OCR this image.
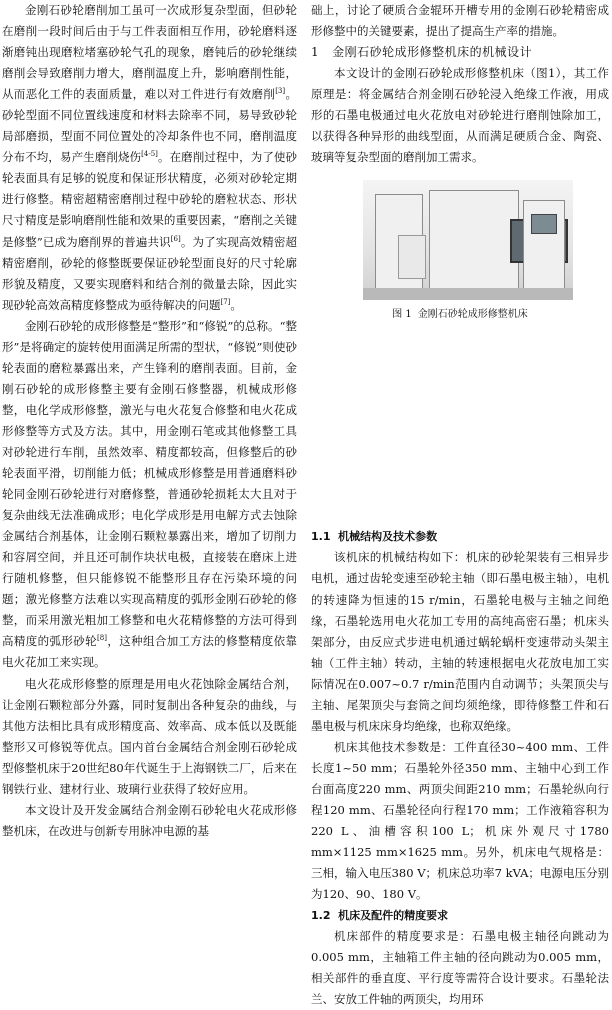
金刚石砂轮磨削加工虽可一次成形复杂型面，但砂轮在磨削一段时间后由于与工件表面相互作用，砂轮磨料逐渐磨钝出现磨粒堵塞砂轮气孔的现象，磨钝后的砂轮继续磨削会导致磨削力增大，磨削温度上升，影响磨削性能，从而恶化工件的表面质量，难以对工件进行有效磨削[3]。砂轮型面不同位置线速度和材料去除率不同，易导致砂轮局部磨损，型面不同位置处的冷却条件也不同，磨削温度分布不均，易产生磨削烧伤[4-5]。在磨削过程中，为了使砂轮表面具有足够的锐度和保证形状精度，必须对砂轮定期进行修整。精密超精密磨削过程中砂轮的磨粒状态、形状尺寸精度是影响磨削性能和效果的重要因素，“磨削之关键是修整”已成为磨削界的普遍共识[6]。为了实现高效精密超精密磨削，砂轮的修整既要保证砂轮型面良好的尺寸轮廓形貌及精度，又要实现磨料和结合剂的微量去除，因此实现砂轮高效高精度修整成为亟待解决的问题[7]。

金刚石砂轮的成形修整是“整形”和“修锐”的总称。“整形”是将确定的旋转使用面满足所需的型状，“修锐”则使砂轮表面的磨粒暴露出来，产生锋利的磨削表面。目前，金刚石砂轮的成形修整主要有金刚石修整器，机械成形修整，电化学成形修整，激光与电火花复合修整和电火花成形修整等方式及方法。其中，用金刚石笔或其他修整工具对砂轮进行车削，虽然效率、精度都较高，但修整后的砂轮表面平滑，切削能力低；机械成形修整是用普通磨料砂轮同金刚石砂轮进行对磨修整，普通砂轮损耗太大且对于复杂曲线无法准确成形；电化学成形是用电解方式去蚀除金属结合剂基体，让金刚石颗粒暴露出来，增加了切削力和容屑空间，并且还可制作块状电极，直接装在磨床上进行随机修整，但只能修锐不能整形且存在污染环境的问题；激光修整方法难以实现高精度的弧形金刚石砂轮的修整，而采用激光粗加工修整和电火花精修整的方法可得到高精度的弧形砂轮[8]，这种组合加工方法的修整精度依靠电火花加工来实现。

电火花成形修整的原理是用电火花蚀除金属结合剂，让金刚石颗粒部分外露，同时复制出各种复杂的曲线，与其他方法相比具有成形精度高、效率高、成本低以及既能整形又可修锐等优点。国内首台金属结合剂金刚石砂轮成型修整机床于20世纪80年代诞生于上海钢铁二厂，后来在钢铁行业、建材行业、玻璃行业获得了较好应用。

本文设计及开发金属结合剂金刚石砂轮电火花成形修整机床，在改进与创新专用脉冲电源的基

础上，讨论了硬质合金辊环开槽专用的金刚石砂轮精密成形修整中的关键要素，提出了提高生产率的措施。

1 金刚石砂轮成形修整机床的机械设计

本文设计的金刚石砂轮成形修整机床（图1），其工作原理是：将金属结合剂金刚石砂轮浸入绝缘工作液，用成形的石墨电极通过电火花放电对砂轮进行磨削蚀除加工，以获得各种异形的曲线型面，从而满足硬质合金、陶瓷、玻璃等复杂型面的磨削加工需求。

图 1 金刚石砂轮成形修整机床

1.1 机械结构及技术参数

该机床的机械结构如下：机床的砂轮架装有三相异步电机，通过齿轮变速至砂轮主轴（即石墨电极主轴），电机的转速降为恒速的15 r/min，石墨轮电极与主轴之间绝缘，石墨轮选用电火花加工专用的高纯高密石墨；机床头架部分，由反应式步进电机通过蜗轮蜗杆变速带动头架主轴（工件主轴）转动，主轴的转速根据电火花放电加工实际情况在0.007~0.7 r/min范围内自动调节；头架顶尖与主轴、尾架顶尖与套筒之间均须绝缘，即待修整工件和石墨电极与机床床身均绝缘，也称双绝缘。

机床其他技术参数是：工件直径30~400 mm、工件长度1~50 mm；石墨轮外径350 mm、主轴中心到工作台面高度220 mm、两顶尖间距210 mm；石墨轮纵向行程120 mm、石墨轮径向行程170 mm；工作液箱容积为220 L、油槽容积100 L；机床外观尺寸1780 mm×1125 mm×1625 mm。另外，机床电气规格是：三相，输入电压380 V；机床总功率7 kVA；电源电压分别为120、90、180 V。

1.2 机床及配件的精度要求

机床部件的精度要求是：石墨电极主轴径向跳动为0.005 mm，主轴箱工件主轴的径向跳动为0.005 mm，相关部件的垂直度、平行度等需符合设计要求。石墨轮法兰、安放工件轴的两顶尖，均用环
